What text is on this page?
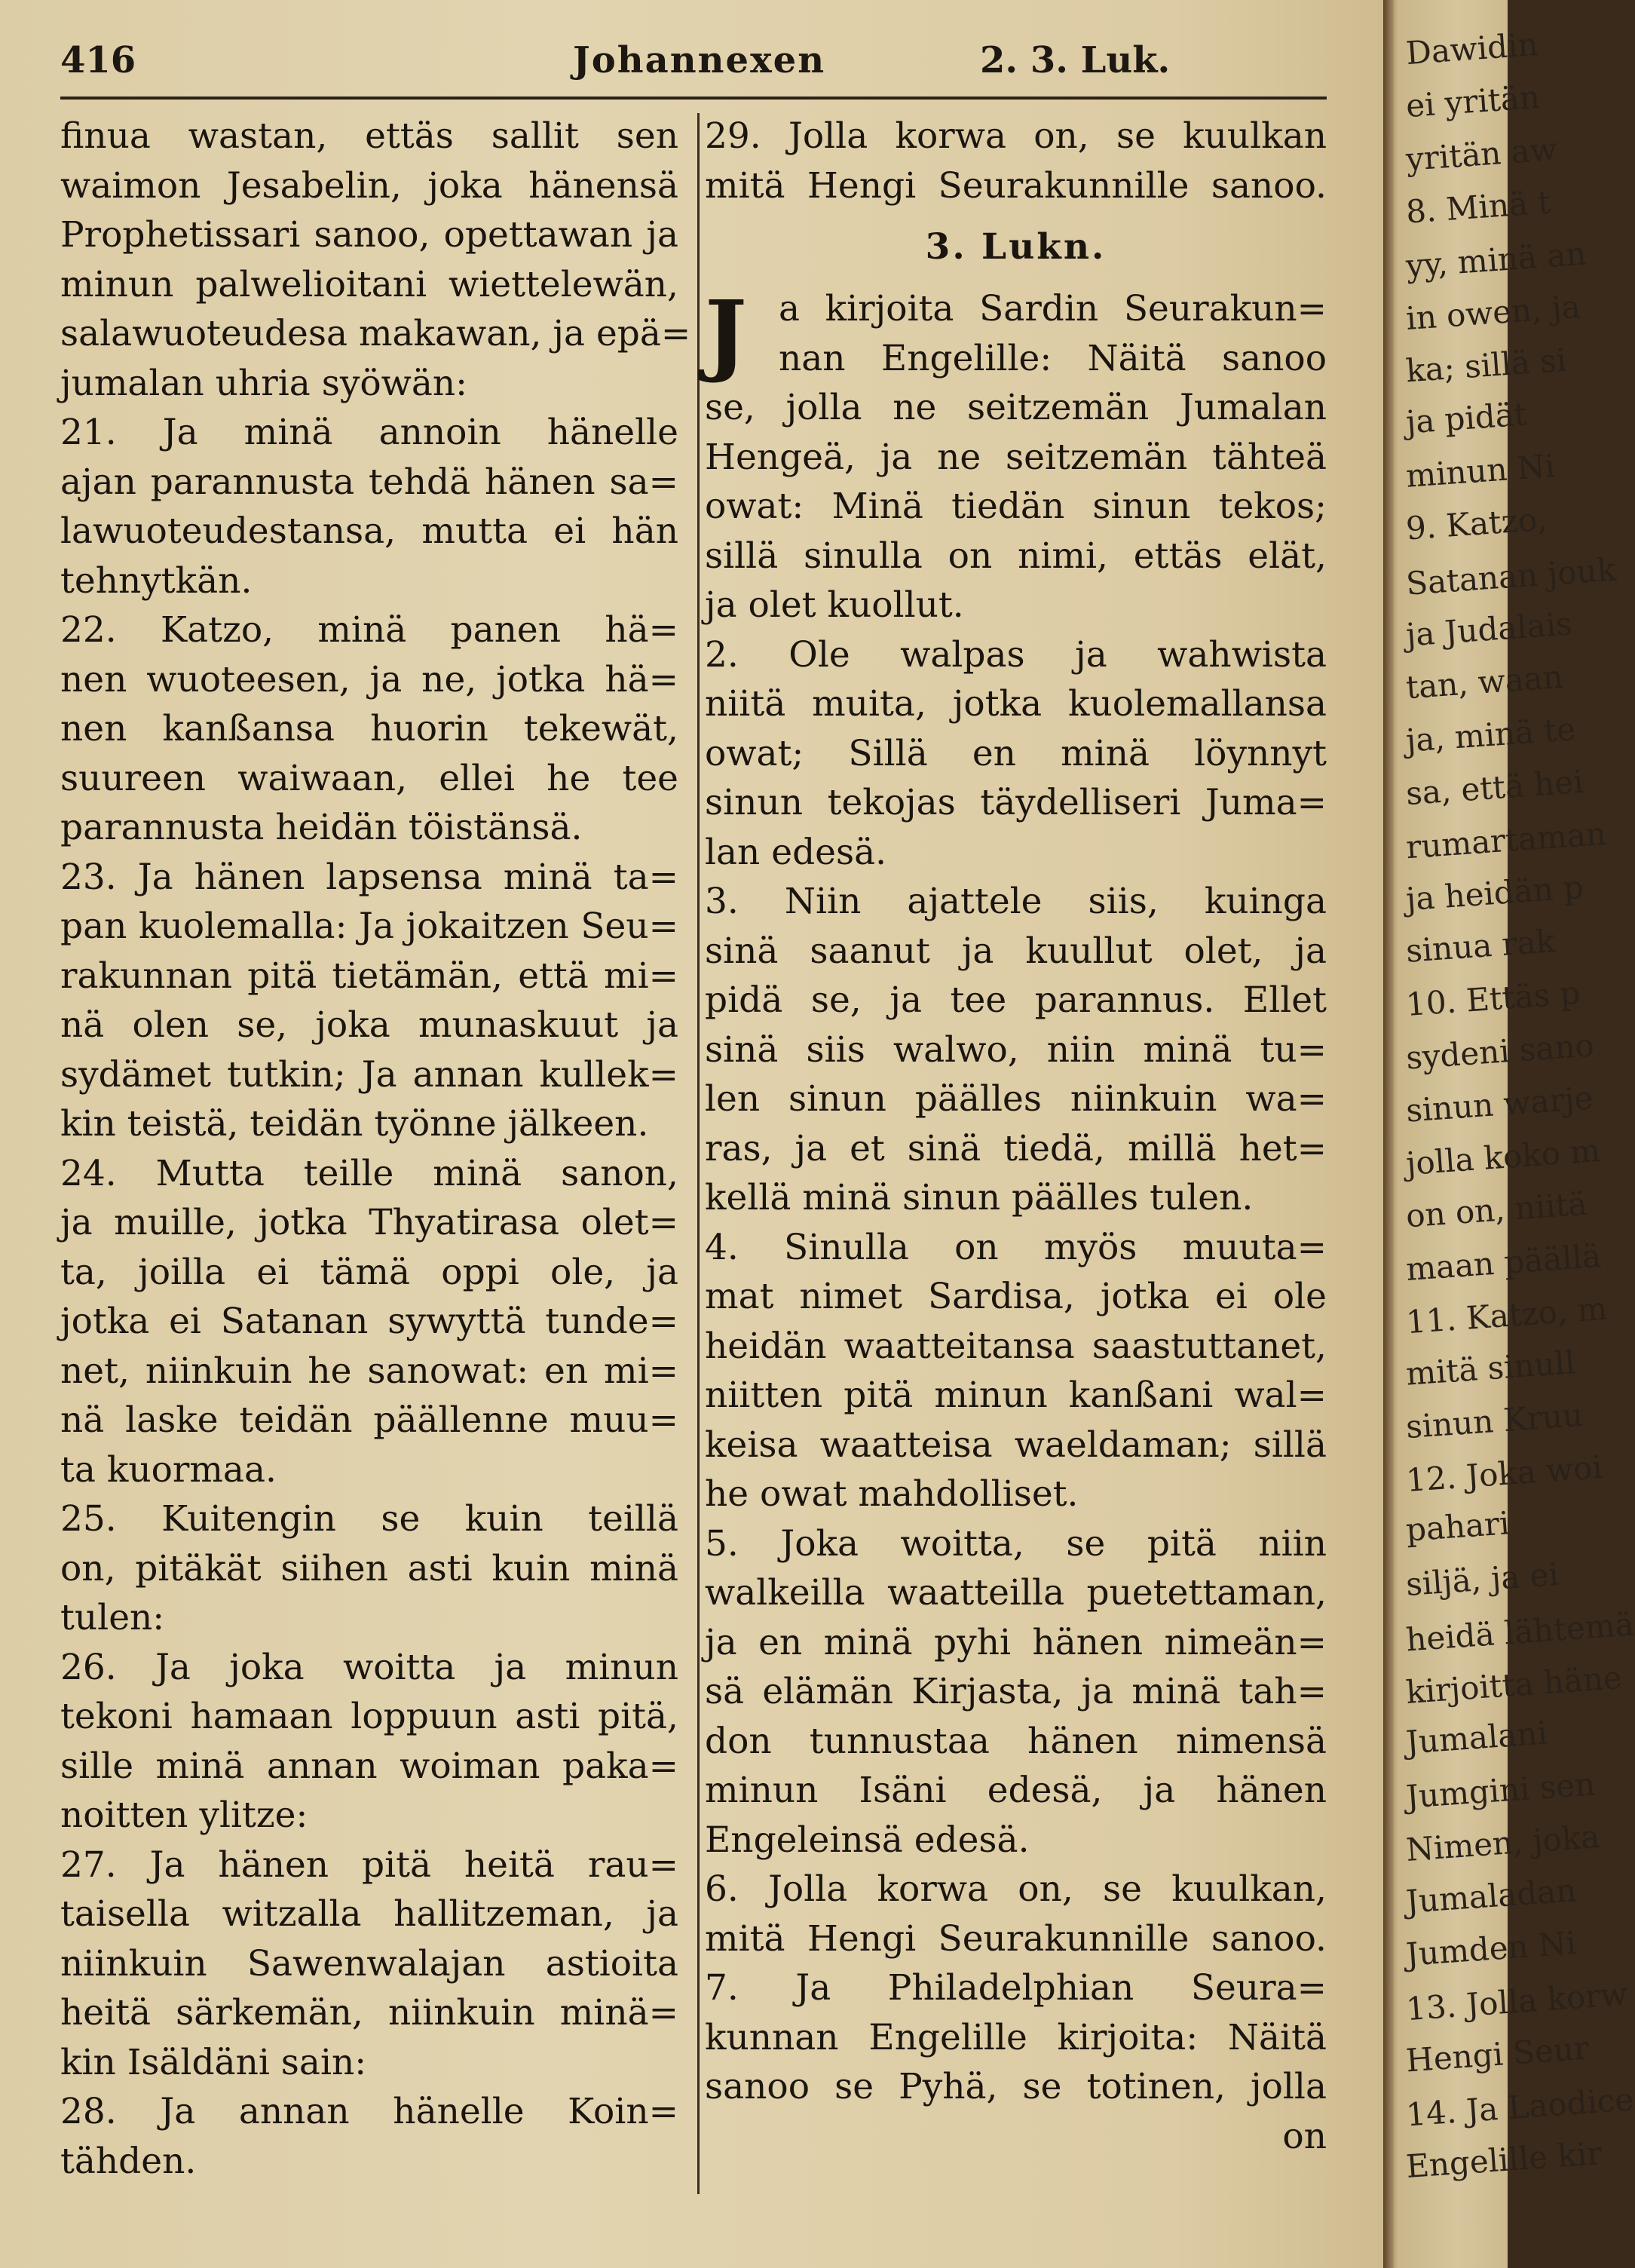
416	Johannexen	2. 3. Luk.
finua wastan, ettäs sallit sen
waimon Jesabelin, joka hänensä
Prophetissari sanoo, opettawan ja
minun palwelioitani wiettelewän,
salawuoteudesa makawan, ja epä=
jumalan uhria syöwän:
21. Ja minä annoin hänelle
ajan parannusta tehdä hänen sa=
lawuoteudestansa, mutta ei hän
tehnytkän.
22. Katzo, minä panen hä=
nen wuoteesen, ja ne, jotka hä=
nen kanßansa huorin tekewät,
suureen waiwaan, ellei he tee
parannusta heidän töistänsä.
23. Ja hänen lapsensa minä ta=
pan kuolemalla: Ja jokaitzen Seu=
rakunnan pitä tietämän, että mi=
nä olen se, joka munaskuut ja
sydämet tutkin; Ja annan kullek=
kin teistä, teidän työnne jälkeen.
24. Mutta teille minä sanon,
ja muille, jotka Thyatirasa olet=
ta, joilla ei tämä oppi ole, ja
jotka ei Satanan sywyttä tunde=
net, niinkuin he sanowat: en mi=
nä laske teidän päällenne muu=
ta kuormaa.
25. Kuitengin se kuin teillä
on, pitäkät siihen asti kuin minä
tulen:
26. Ja joka woitta ja minun
tekoni hamaan loppuun asti pitä,
sille minä annan woiman paka=
noitten ylitze:
27. Ja hänen pitä heitä rau=
taisella witzalla hallitzeman, ja
niinkuin Sawenwalajan astioita
heitä särkemän, niinkuin minä=
kin Isäldäni sain:
28. Ja annan hänelle Koin=
tähden.
29. Jolla korwa on, se kuulkan
mitä Hengi Seurakunnille sanoo.
3. Lukn.
J a kirjoita Sardin Seurakun=
nan Engelille: Näitä sanoo
se, jolla ne seitzemän Jumalan
Hengeä, ja ne seitzemän tähteä
owat: Minä tiedän sinun tekos;
sillä sinulla on nimi, ettäs elät,
ja olet kuollut.
2. Ole walpas ja wahwista
niitä muita, jotka kuolemallansa
owat; Sillä en minä löynnyt
sinun tekojas täydelliseri Juma=
lan edesä.
3. Niin ajattele siis, kuinga
sinä saanut ja kuullut olet, ja
pidä se, ja tee parannus. Ellet
sinä siis walwo, niin minä tu=
len sinun päälles niinkuin wa=
ras, ja et sinä tiedä, millä het=
kellä minä sinun päälles tulen.
4. Sinulla on myös muuta=
mat nimet Sardisa, jotka ei ole
heidän waatteitansa saastuttanet,
niitten pitä minun kanßani wal=
keisa waatteisa waeldaman; sillä
he owat mahdolliset.
5. Joka woitta, se pitä niin
walkeilla waatteilla puetettaman,
ja en minä pyhi hänen nimeän=
sä elämän Kirjasta, ja minä tah=
don tunnustaa hänen nimensä
minun Isäni edesä, ja hänen
Engeleinsä edesä.
6. Jolla korwa on, se kuulkan,
mitä Hengi Seurakunnille sanoo.
7. Ja Philadelphian Seura=
kunnan Engelille kirjoita: Näitä
sanoo se Pyhä, se totinen, jolla
on
Dawidin
ei yritän
yritän aw
8. Minä t
yy, minä an
in owen, ja
ka; sillä si
ja pidät
minun Ni
9. Katzo,
Satanan jouk
ja Judalais
tan, waan
ja, minä te
sa, että hei
rumartaman
ja heidän p
sinua rak
10. Ettäs p
sydeni sano
sinun warje
jolla koko m
on on, niitä
maan päällä
11. Katzo, m
mitä sinull
sinun Kruu
12. Joka woi
pahari
siljä, ja ei
heidä lähtemä
kirjoitta häne
Jumalani
Jumgini sen
Nimen, joka
Jumaladan
Jumden Ni
13. Jolla korw
Hengi Seur
14. Ja Laodice
Engelille kir
